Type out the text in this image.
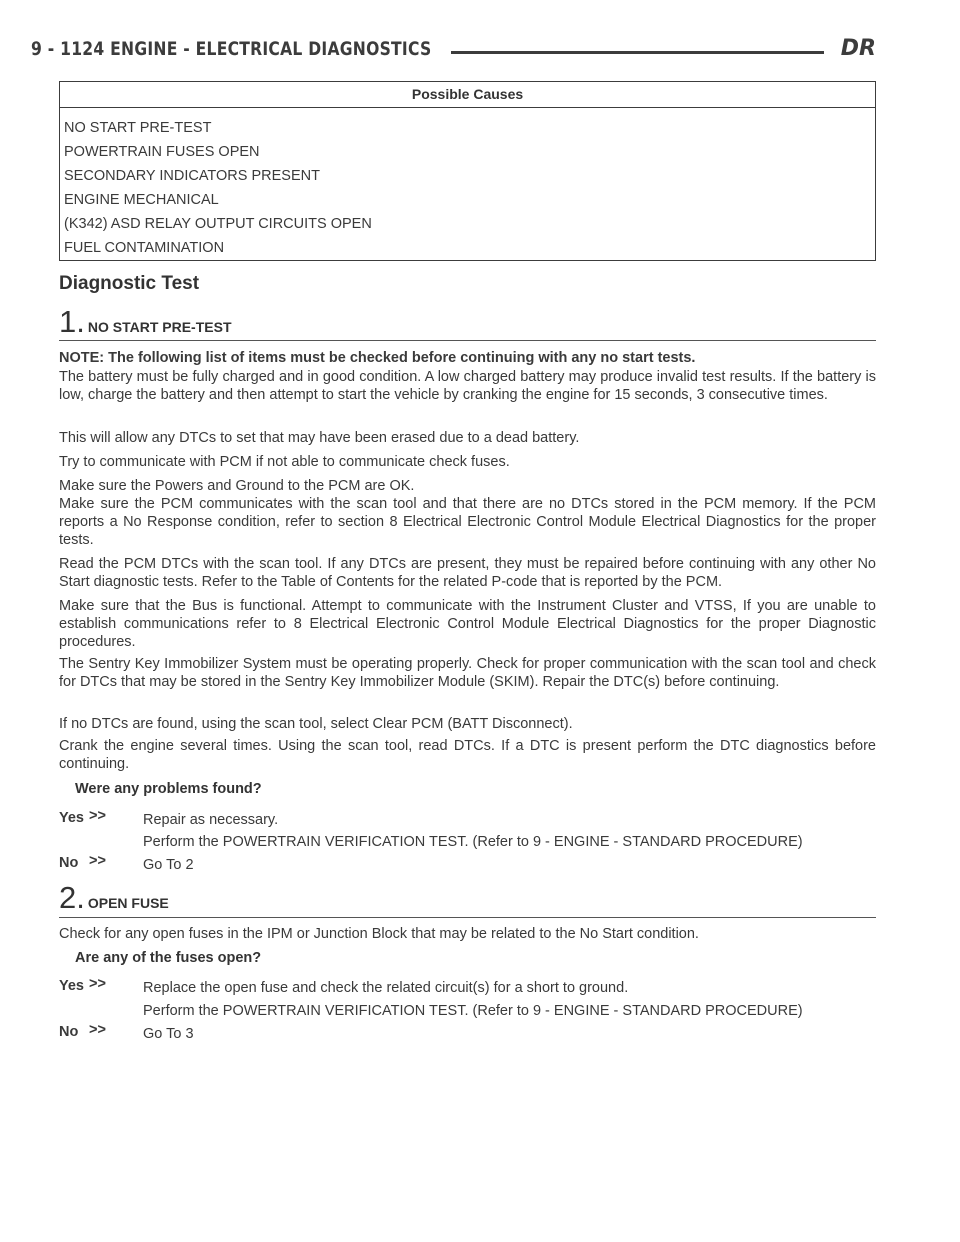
9 - 1124 ENGINE - ELECTRICAL DIAGNOSTICS	DR
Possible Causes
NO START PRE-TEST
POWERTRAIN FUSES OPEN
SECONDARY INDICATORS PRESENT
ENGINE MECHANICAL
(K342) ASD RELAY OUTPUT CIRCUITS OPEN
FUEL CONTAMINATION
Diagnostic Test
1. NO START PRE-TEST
NOTE: The following list of items must be checked before continuing with any no start tests.
The battery must be fully charged and in good condition. A low charged battery may produce invalid test results. If the battery is low, charge the battery and then attempt to start the vehicle by cranking the engine for 15 seconds, 3 consecutive times.
This will allow any DTCs to set that may have been erased due to a dead battery.
Try to communicate with PCM if not able to communicate check fuses.
Make sure the Powers and Ground to the PCM are OK.
Make sure the PCM communicates with the scan tool and that there are no DTCs stored in the PCM memory. If the PCM reports a No Response condition, refer to section 8 Electrical Electronic Control Module Electrical Diagnostics for the proper tests.
Read the PCM DTCs with the scan tool. If any DTCs are present, they must be repaired before continuing with any other No Start diagnostic tests. Refer to the Table of Contents for the related P-code that is reported by the PCM.
Make sure that the Bus is functional. Attempt to communicate with the Instrument Cluster and VTSS, If you are unable to establish communications refer to 8 Electrical Electronic Control Module Electrical Diagnostics for the proper Diagnostic procedures.
The Sentry Key Immobilizer System must be operating properly. Check for proper communication with the scan tool and check for DTCs that may be stored in the Sentry Key Immobilizer Module (SKIM). Repair the DTC(s) before continuing.
If no DTCs are found, using the scan tool, select Clear PCM (BATT Disconnect).
Crank the engine several times. Using the scan tool, read DTCs. If a DTC is present perform the DTC diagnostics before continuing.
Were any problems found?
Yes >>	Repair as necessary.
Perform the POWERTRAIN VERIFICATION TEST. (Refer to 9 - ENGINE - STANDARD PROCEDURE)
No >>	Go To 2
2. OPEN FUSE
Check for any open fuses in the IPM or Junction Block that may be related to the No Start condition.
Are any of the fuses open?
Yes >>	Replace the open fuse and check the related circuit(s) for a short to ground.
Perform the POWERTRAIN VERIFICATION TEST. (Refer to 9 - ENGINE - STANDARD PROCEDURE)
No >>	Go To 3
